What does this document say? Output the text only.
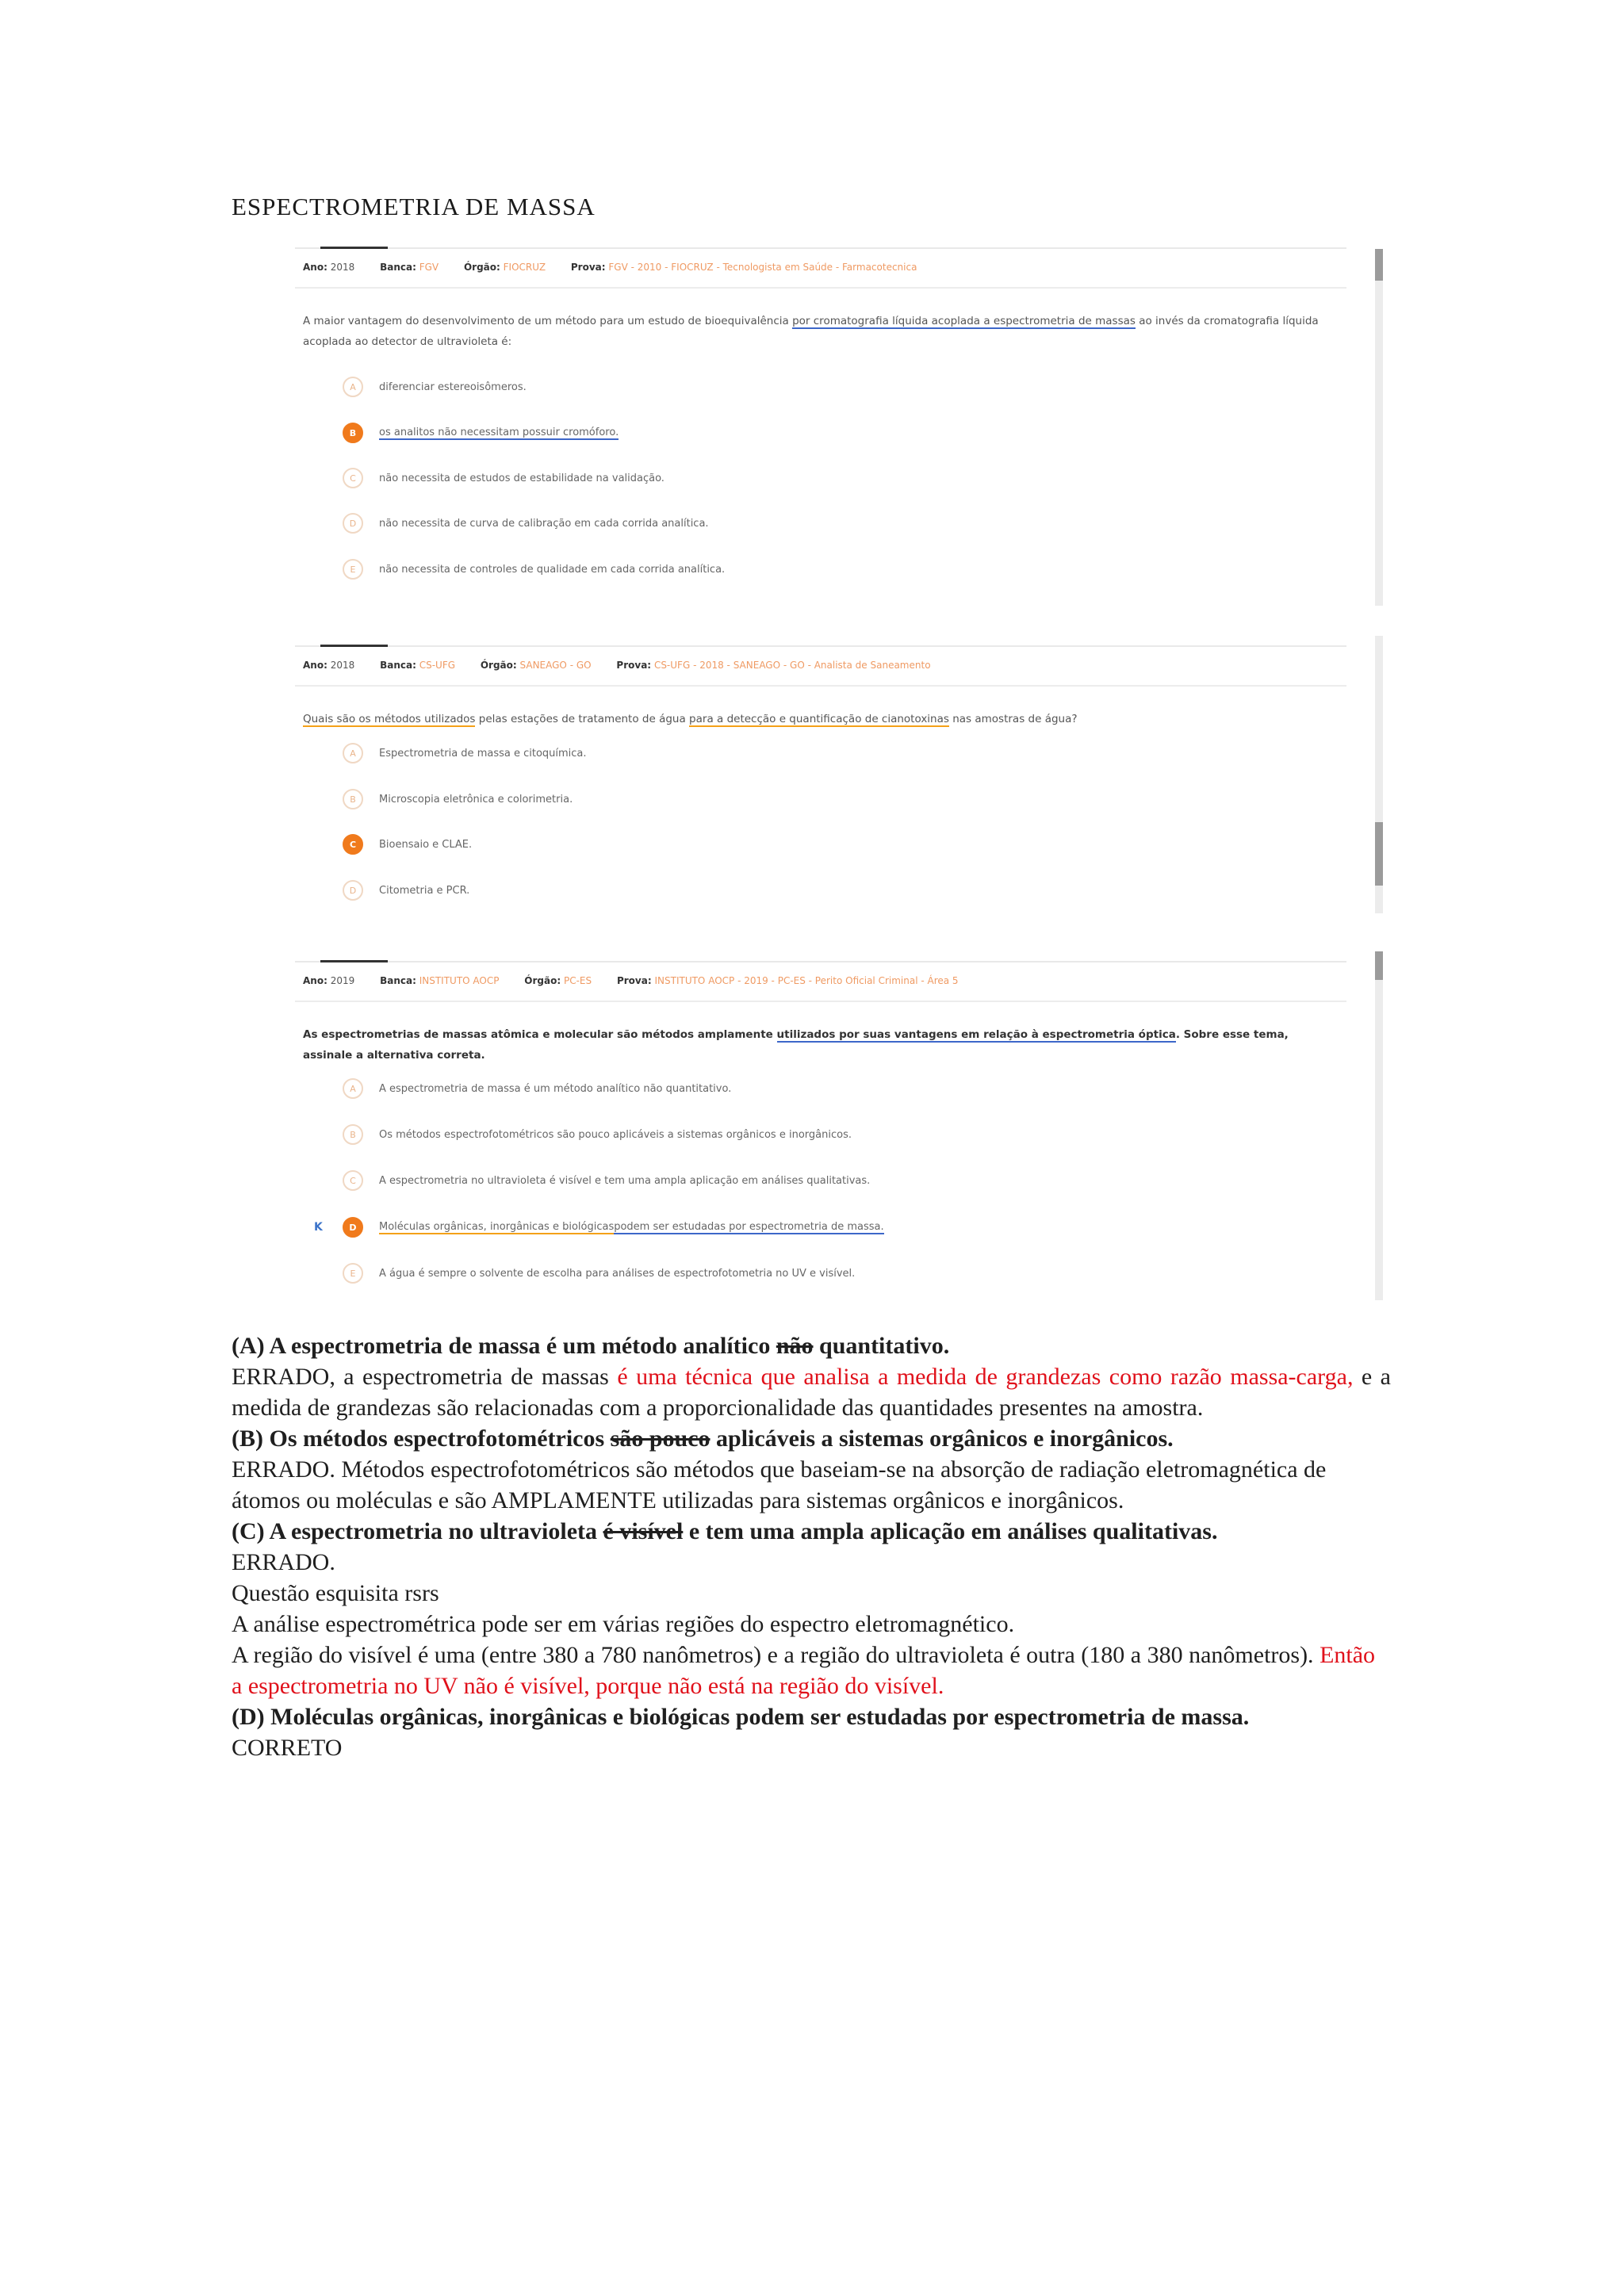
ESPECTROMETRIA DE MASSA
Ano: 2018	Banca: FGV	Órgão: FIOCRUZ	Prova: FGV - 2010 - FIOCRUZ - Tecnologista em Saúde - Farmacotecnica
A maior vantagem do desenvolvimento de um método para um estudo de bioequivalência por cromatografia líquida acoplada a espectrometria de massas ao invés da cromatografia líquida acoplada ao detector de ultravioleta é:
A	diferenciar estereoisômeros.
B	os analitos não necessitam possuir cromóforo.
C	não necessita de estudos de estabilidade na validação.
D	não necessita de curva de calibração em cada corrida analítica.
E	não necessita de controles de qualidade em cada corrida analítica.
Ano: 2018	Banca: CS-UFG	Órgão: SANEAGO - GO	Prova: CS-UFG - 2018 - SANEAGO - GO - Analista de Saneamento
Quais são os métodos utilizados pelas estações de tratamento de água para a detecção e quantificação de cianotoxinas nas amostras de água?
A	Espectrometria de massa e citoquímica.
B	Microscopia eletrônica e colorimetria.
C	Bioensaio e CLAE.
D	Citometria e PCR.
Ano: 2019	Banca: INSTITUTO AOCP	Órgão: PC-ES	Prova: INSTITUTO AOCP - 2019 - PC-ES - Perito Oficial Criminal - Área 5
As espectrometrias de massas atômica e molecular são métodos amplamente utilizados por suas vantagens em relação à espectrometria óptica. Sobre esse tema, assinale a alternativa correta.
A	A espectrometria de massa é um método analítico não quantitativo.
B	Os métodos espectrofotométricos são pouco aplicáveis a sistemas orgânicos e inorgânicos.
C	A espectrometria no ultravioleta é visível e tem uma ampla aplicação em análises qualitativas.
K	D	Moléculas orgânicas, inorgânicas e biológicas podem ser estudadas por espectrometria de massa.
E	A água é sempre o solvente de escolha para análises de espectrofotometria no UV e visível.

(A) A espectrometria de massa é um método analítico não quantitativo.

ERRADO, a espectrometria de massas é uma técnica que analisa a medida de grandezas como razão massa-carga, e a medida de grandezas são relacionadas com a proporcionalidade das quantidades presentes na amostra.

(B) Os métodos espectrofotométricos são pouco aplicáveis a sistemas orgânicos e inorgânicos.

ERRADO. Métodos espectrofotométricos são métodos que baseiam-se na absorção de radiação eletromagnética de átomos ou moléculas e são AMPLAMENTE utilizadas para sistemas orgânicos e inorgânicos.

(C) A espectrometria no ultravioleta é visível e tem uma ampla aplicação em análises qualitativas.

ERRADO.

Questão esquisita rsrs

A análise espectrométrica pode ser em várias regiões do espectro eletromagnético.

A região do visível é uma (entre 380 a 780 nanômetros) e a região do ultravioleta é outra (180 a 380 nanômetros). Então a espectrometria no UV não é visível, porque não está na região do visível.

(D) Moléculas orgânicas, inorgânicas e biológicas podem ser estudadas por espectrometria de massa.

CORRETO
